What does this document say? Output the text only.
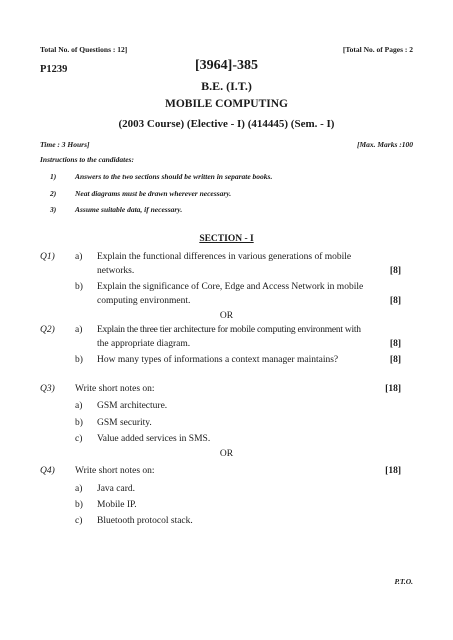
Total No. of Questions : 12]	[Total No. of Pages : 2
P1239	[3964]-385
B.E. (I.T.)
MOBILE COMPUTING
(2003 Course) (Elective - I) (414445) (Sem. - I)
Time : 3 Hours]	[Max. Marks :100
Instructions to the candidates:
1)	Answers to the two sections should be written in separate books.
2)	Neat diagrams must be drawn wherever necessary.
3)	Assume suitable data, if necessary.
SECTION - I
Q1) a) Explain the functional differences in various generations of mobile
networks.	[8]
b) Explain the significance of Core, Edge and Access Network in mobile
computing environment.	[8]
OR
Q2) a) Explain the three tier architecture for mobile computing environment with
the appropriate diagram.	[8]
b) How many types of informations a context manager maintains?	[8]
Q3) Write short notes on:	[18]
a) GSM architecture.
b) GSM security.
c) Value added services in SMS.
OR
Q4) Write short notes on:	[18]
a) Java card.
b) Mobile IP.
c) Bluetooth protocol stack.
P.T.O.
